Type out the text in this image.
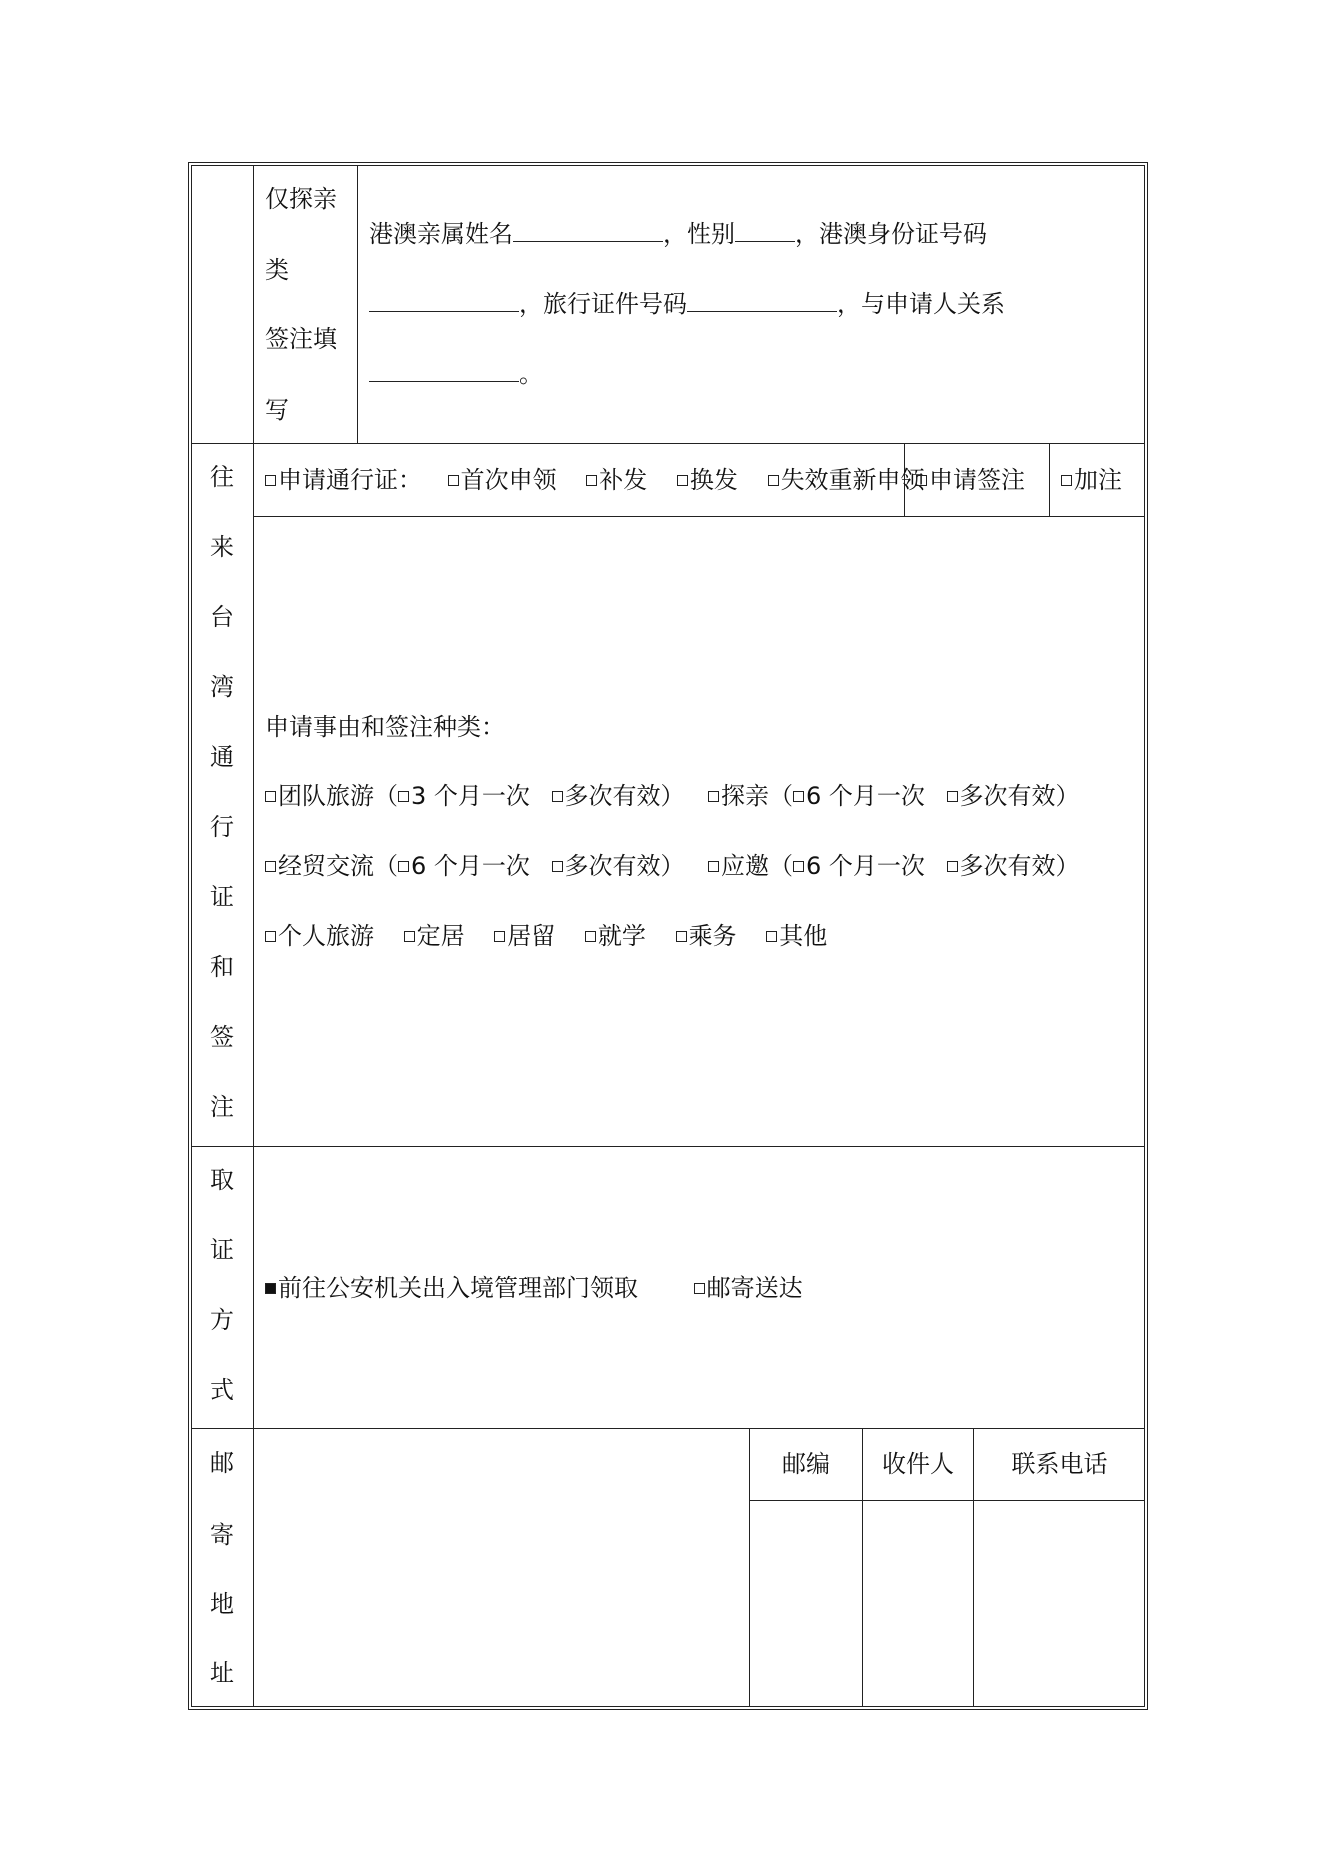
仅探亲
类
签注填
写
港澳亲属姓名	，性别	，港澳身份证号码
，旅行证件号码	，与申请人关系
。
往
来
台
湾
通
行
证
和
签
注
申请通行证： 首次申领 补发 换发 失效重新申领 申请签注	加注
申请事由和签注种类：
团队旅游（ 3 个月一次 多次有效）	探亲（ 6 个月一次 多次有效）
经贸交流（ 6 个月一次 多次有效）	应邀（ 6 个月一次 多次有效）
个人旅游 定居 居留 就学 乘务 其他
取
证
方
式
前往公安机关出入境管理部门领取	邮寄送达
邮
寄
地
址
邮编	收件人	联系电话
